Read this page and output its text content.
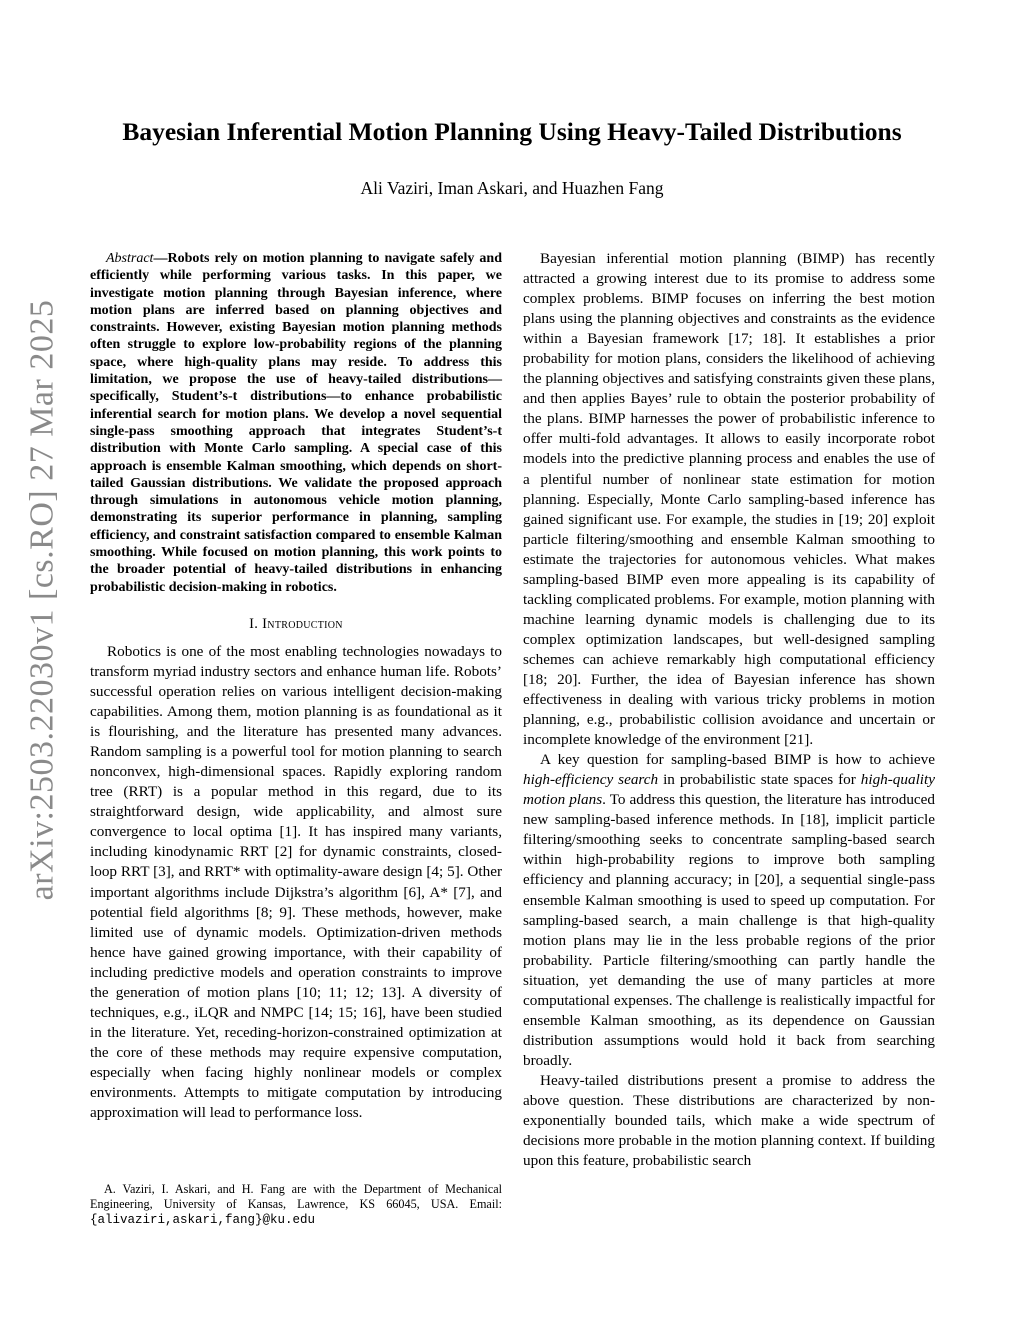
arXiv:2503.22030v1 [cs.RO] 27 Mar 2025
Bayesian Inferential Motion Planning Using Heavy-Tailed Distributions
Ali Vaziri, Iman Askari, and Huazhen Fang

Abstract—Robots rely on motion planning to navigate safely and efficiently while performing various tasks. In this paper, we investigate motion planning through Bayesian inference, where motion plans are inferred based on planning objectives and constraints. However, existing Bayesian motion planning methods often struggle to explore low-probability regions of the planning space, where high-quality plans may reside. To address this limitation, we propose the use of heavy-tailed distributions—specifically, Student’s-t distributions—to enhance probabilistic inferential search for motion plans. We develop a novel sequential single-pass smoothing approach that integrates Student’s-t distribution with Monte Carlo sampling. A special case of this approach is ensemble Kalman smoothing, which depends on short-tailed Gaussian distributions. We validate the proposed approach through simulations in autonomous vehicle motion planning, demonstrating its superior performance in planning, sampling efficiency, and constraint satisfaction compared to ensemble Kalman smoothing. While focused on motion planning, this work points to the broader potential of heavy-tailed distributions in enhancing probabilistic decision-making in robotics.

I. Introduction

Robotics is one of the most enabling technologies nowadays to transform myriad industry sectors and enhance human life. Robots’ successful operation relies on various intelligent decision-making capabilities. Among them, motion planning is as foundational as it is flourishing, and the literature has presented many advances. Random sampling is a powerful tool for motion planning to search nonconvex, high-dimensional spaces. Rapidly exploring random tree (RRT) is a popular method in this regard, due to its straightforward design, wide applicability, and almost sure convergence to local optima [1]. It has inspired many variants, including kinodynamic RRT [2] for dynamic constraints, closed-loop RRT [3], and RRT* with optimality-aware design [4; 5]. Other important algorithms include Dijkstra’s algorithm [6], A* [7], and potential field algorithms [8; 9]. These methods, however, make limited use of dynamic models. Optimization-driven methods hence have gained growing importance, with their capability of including predictive models and operation constraints to improve the generation of motion plans [10; 11; 12; 13]. A diversity of techniques, e.g., iLQR and NMPC [14; 15; 16], have been studied in the literature. Yet, receding-horizon-constrained optimization at the core of these methods may require expensive computation, especially when facing highly nonlinear models or complex environments. Attempts to mitigate computation by introducing approximation will lead to performance loss.

A. Vaziri, I. Askari, and H. Fang are with the Department of Mechanical Engineering, University of Kansas, Lawrence, KS 66045, USA. Email: {alivaziri,askari,fang}@ku.edu

Bayesian inferential motion planning (BIMP) has recently attracted a growing interest due to its promise to address some complex problems. BIMP focuses on inferring the best motion plans using the planning objectives and constraints as the evidence within a Bayesian framework [17; 18]. It establishes a prior probability for motion plans, considers the likelihood of achieving the planning objectives and satisfying constraints given these plans, and then applies Bayes’ rule to obtain the posterior probability of the plans. BIMP harnesses the power of probabilistic inference to offer multi-fold advantages. It allows to easily incorporate robot models into the predictive planning process and enables the use of a plentiful number of nonlinear state estimation for motion planning. Especially, Monte Carlo sampling-based inference has gained significant use. For example, the studies in [19; 20] exploit particle filtering/smoothing and ensemble Kalman smoothing to estimate the trajectories for autonomous vehicles. What makes sampling-based BIMP even more appealing is its capability of tackling complicated problems. For example, motion planning with machine learning dynamic models is challenging due to its complex optimization landscapes, but well-designed sampling schemes can achieve remarkably high computational efficiency [18; 20]. Further, the idea of Bayesian inference has shown effectiveness in dealing with various tricky problems in motion planning, e.g., probabilistic collision avoidance and uncertain or incomplete knowledge of the environment [21].

A key question for sampling-based BIMP is how to achieve high-efficiency search in probabilistic state spaces for high-quality motion plans. To address this question, the literature has introduced new sampling-based inference methods. In [18], implicit particle filtering/smoothing seeks to concentrate sampling-based search within high-probability regions to improve both sampling efficiency and planning accuracy; in [20], a sequential single-pass ensemble Kalman smoothing is used to speed up computation. For sampling-based search, a main challenge is that high-quality motion plans may lie in the less probable regions of the prior probability. Particle filtering/smoothing can partly handle the situation, yet demanding the use of many particles at more computational expenses. The challenge is realistically impactful for ensemble Kalman smoothing, as its dependence on Gaussian distribution assumptions would hold it back from searching broadly.

Heavy-tailed distributions present a promise to address the above question. These distributions are characterized by non-exponentially bounded tails, which make a wide spectrum of decisions more probable in the motion planning context. If building upon this feature, probabilistic search
